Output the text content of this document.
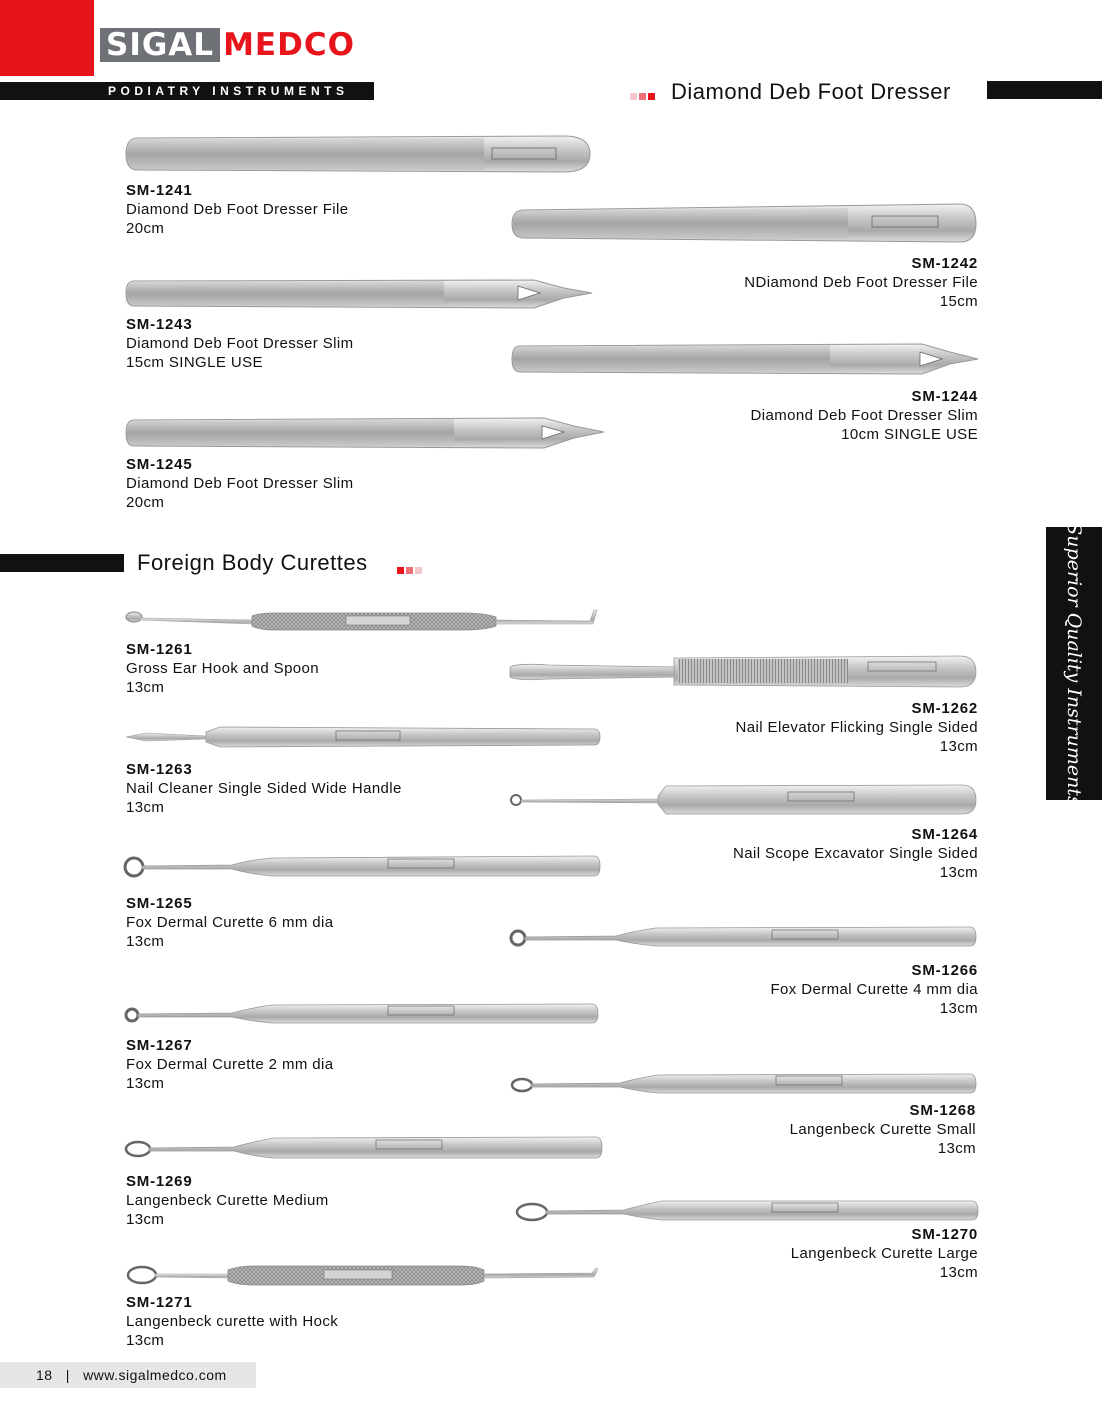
SIGAL MEDCO
PODIATRY INSTRUMENTS	Diamond Deb Foot Dresser
Foreign Body Curettes	Superior Quality Instruments
SM-1241
Diamond Deb Foot Dresser File
20cm
SM-1242
NDiamond Deb Foot Dresser File
15cm
SM-1243
Diamond Deb Foot Dresser Slim
15cm SINGLE USE
SM-1244
Diamond Deb Foot Dresser Slim
10cm SINGLE USE
SM-1245
Diamond Deb Foot Dresser Slim
20cm
SM-1261
Gross Ear Hook and Spoon
13cm
SM-1262
Nail Elevator Flicking Single Sided
13cm
SM-1263
Nail Cleaner Single Sided Wide Handle
13cm
SM-1264
Nail Scope Excavator Single Sided
13cm
SM-1265
Fox Dermal Curette 6 mm dia
13cm
SM-1266
Fox Dermal Curette 4 mm dia
13cm
SM-1267
Fox Dermal Curette 2 mm dia
13cm
SM-1268
Langenbeck Curette Small
13cm
SM-1269
Langenbeck Curette Medium
13cm
SM-1270
Langenbeck Curette Large
13cm
SM-1271
Langenbeck curette with Hock
13cm
18 | www.sigalmedco.com
